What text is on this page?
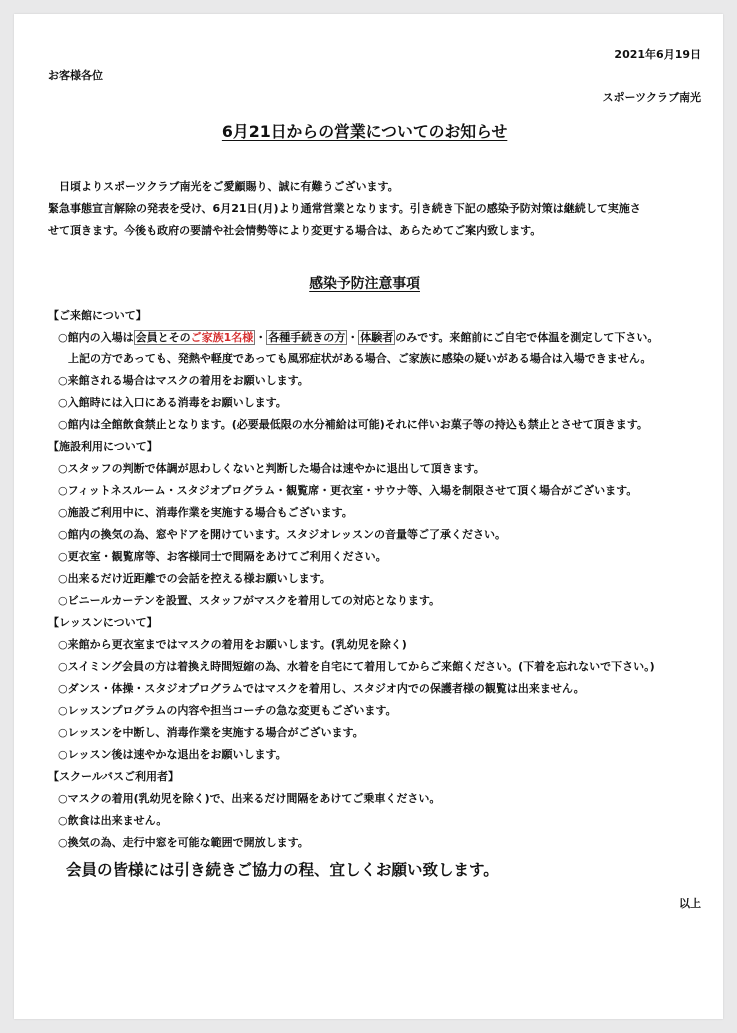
2021年6月19日
お客様各位
スポーツクラブ南光
6月21日からの営業についてのお知らせ
　日頃よりスポーツクラブ南光をご愛顧賜り、誠に有難うございます。
緊急事態宣言解除の発表を受け、6月21日(月)より通常営業となります。引き続き下記の感染予防対策は継続して実施さ
せて頂きます。今後も政府の要請や社会情勢等により変更する場合は、あらためてご案内致します。
感染予防注意事項
【ご来館について】
○館内の入場は 会員とそのご家族1名様 ・ 各種手続きの方 ・ 体験者 のみです。来館前にご自宅で体温を測定して下さい。
上記の方であっても、発熱や軽度であっても風邪症状がある場合、ご家族に感染の疑いがある場合は入場できません。
○来館される場合はマスクの着用をお願いします。
○入館時には入口にある消毒をお願いします。
○館内は全館飲食禁止となります。(必要最低限の水分補給は可能)それに伴いお菓子等の持込も禁止とさせて頂きます。
【施設利用について】
○スタッフの判断で体調が思わしくないと判断した場合は速やかに退出して頂きます。
○フィットネスルーム・スタジオプログラム・観覧席・更衣室・サウナ等、入場を制限させて頂く場合がございます。
○施設ご利用中に、消毒作業を実施する場合もございます。
○館内の換気の為、窓やドアを開けています。スタジオレッスンの音量等ご了承ください。
○更衣室・観覧席等、お客様同士で間隔をあけてご利用ください。
○出来るだけ近距離での会話を控える様お願いします。
○ビニールカーテンを設置、スタッフがマスクを着用しての対応となります。
【レッスンについて】
○来館から更衣室まではマスクの着用をお願いします。(乳幼児を除く)
○スイミング会員の方は着換え時間短縮の為、水着を自宅にて着用してからご来館ください。(下着を忘れないで下さい。)
○ダンス・体操・スタジオプログラムではマスクを着用し、スタジオ内での保護者様の観覧は出来ません。
○レッスンプログラムの内容や担当コーチの急な変更もございます。
○レッスンを中断し、消毒作業を実施する場合がございます。
○レッスン後は速やかな退出をお願いします。
【スクールバスご利用者】
○マスクの着用(乳幼児を除く)で、出来るだけ間隔をあけてご乗車ください。
○飲食は出来ません。
○換気の為、走行中窓を可能な範囲で開放します。
会員の皆様には引き続きご協力の程、宜しくお願い致します。
以上
